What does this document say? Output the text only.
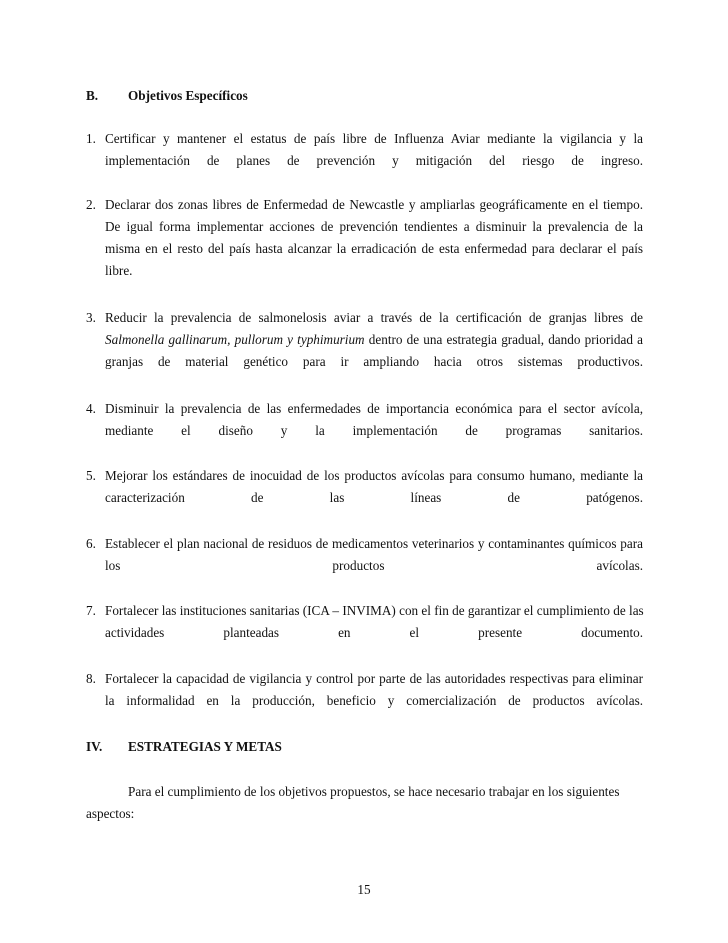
B. Objetivos Específicos
1. Certificar y mantener el estatus de país libre de Influenza Aviar mediante la vigilancia y la
implementación de planes de prevención y mitigación del riesgo de ingreso.
2. Declarar dos zonas libres de Enfermedad de Newcastle y ampliarlas geográficamente en el tiempo.
De igual forma implementar acciones de prevención tendientes a disminuir la prevalencia de la
misma en el resto del país hasta alcanzar la erradicación de esta enfermedad para declarar el país
libre.
3. Reducir la prevalencia de salmonelosis aviar a través de la certificación de granjas libres de
Salmonella gallinarum, pullorum y typhimurium dentro de una estrategia gradual, dando prioridad a
granjas de material genético para ir ampliando hacia otros sistemas productivos.
4. Disminuir la prevalencia de las enfermedades de importancia económica para el sector avícola,
mediante el diseño y la implementación de programas sanitarios.
5. Mejorar los estándares de inocuidad de los productos avícolas para consumo humano, mediante la
caracterización de las líneas de patógenos.
6. Establecer el plan nacional de residuos de medicamentos veterinarios y contaminantes químicos para
los productos avícolas.
7. Fortalecer las instituciones sanitarias (ICA – INVIMA) con el fin de garantizar el cumplimiento de las
actividades planteadas en el presente documento.
8. Fortalecer la capacidad de vigilancia y control por parte de las autoridades respectivas para eliminar
la informalidad en la producción, beneficio y comercialización de productos avícolas.
IV. ESTRATEGIAS Y METAS
Para el cumplimiento de los objetivos propuestos, se hace necesario trabajar en los siguientes
aspectos:
15
